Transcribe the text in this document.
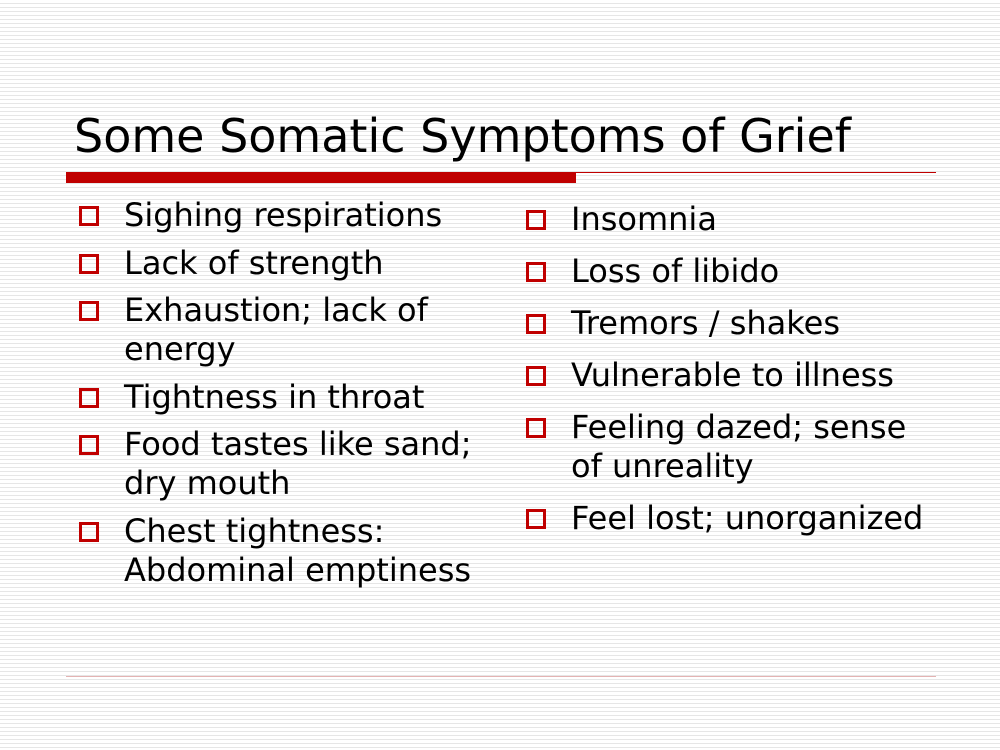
Some Somatic Symptoms of Grief
Sighing respirations
Lack of strength
Exhaustion; lack of energy
Tightness in throat
Food tastes like sand; dry mouth
Chest tightness: Abdominal emptiness
Insomnia
Loss of libido
Tremors / shakes
Vulnerable to illness
Feeling dazed; sense of unreality
Feel lost; unorganized
